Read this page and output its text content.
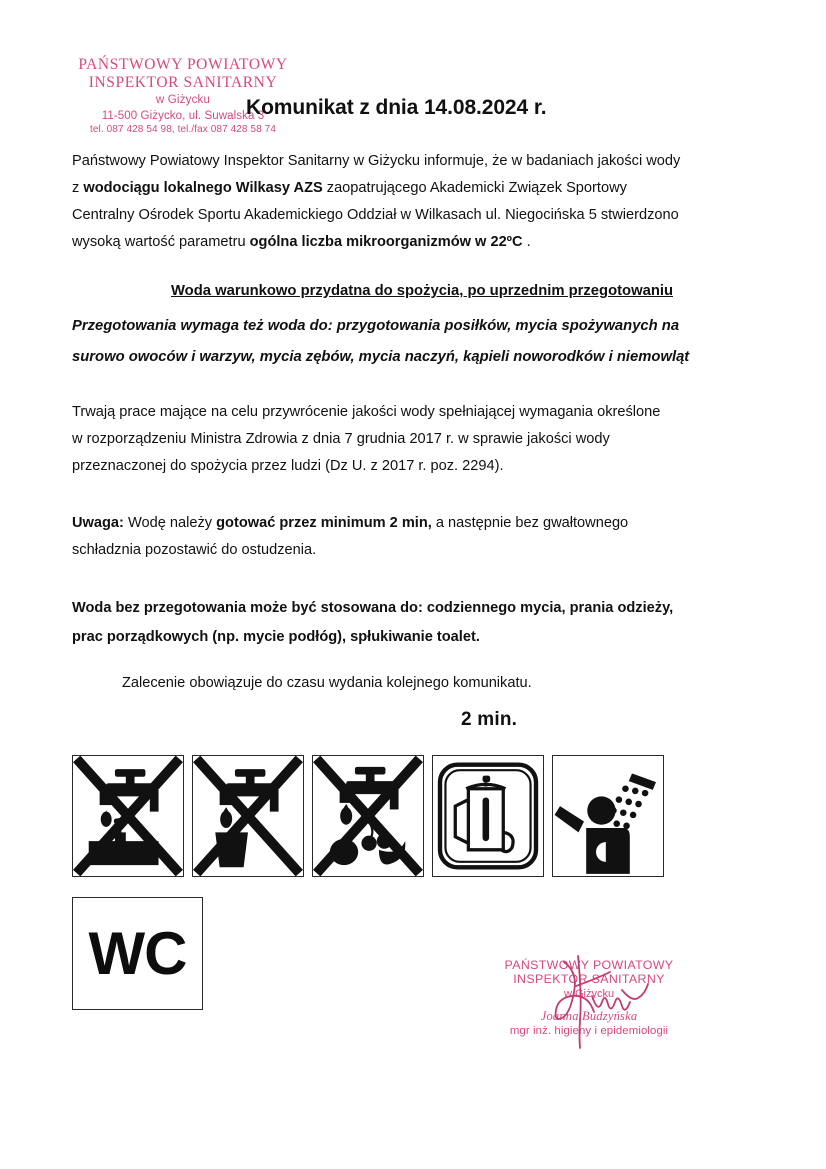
PAŃSTWOWY POWIATOWY
INSPEKTOR SANITARNY
w Giżycku
11-500 Giżycko, ul. Suwalska 3
tel. 087 428 54 98, tel./fax 087 428 58 74
Komunikat z dnia 14.08.2024 r.
Państwowy Powiatowy Inspektor Sanitarny w Giżycku informuje, że w badaniach jakości wody
z wodociągu lokalnego Wilkasy AZS zaopatrującego Akademicki Związek Sportowy
Centralny Ośrodek Sportu Akademickiego Oddział w Wilkasach ul. Niegocińska 5 stwierdzono
wysoką wartość parametru ogólna liczba mikroorganizmów w 22ºC .
Woda warunkowo przydatna do spożycia, po uprzednim przegotowaniu
Przegotowania wymaga też woda do: przygotowania posiłków, mycia spożywanych na
surowo owoców i warzyw, mycia zębów, mycia naczyń, kąpieli noworodków i niemowląt
Trwają prace mające na celu przywrócenie jakości wody spełniającej wymagania określone
w rozporządzeniu Ministra Zdrowia z dnia 7 grudnia 2017 r. w sprawie jakości wody
przeznaczonej do spożycia przez ludzi (Dz U. z 2017 r. poz. 2294).
Uwaga: Wodę należy gotować przez minimum 2 min, a następnie bez gwałtownego
schładznia pozostawić do ostudzenia.
Woda bez przegotowania może być stosowana do: codziennego mycia, prania odzieży,
prac porządkowych (np. mycie podłóg), spłukiwanie toalet.
Zalecenie obowiązuje do czasu wydania kolejnego komunikatu.
2 min.
WC	PAŃSTWOWY POWIATOWY
INSPEKTOR SANITARNY
w Giżycku
Joanna Budzyńska
mgr inż. higieny i epidemiologii
